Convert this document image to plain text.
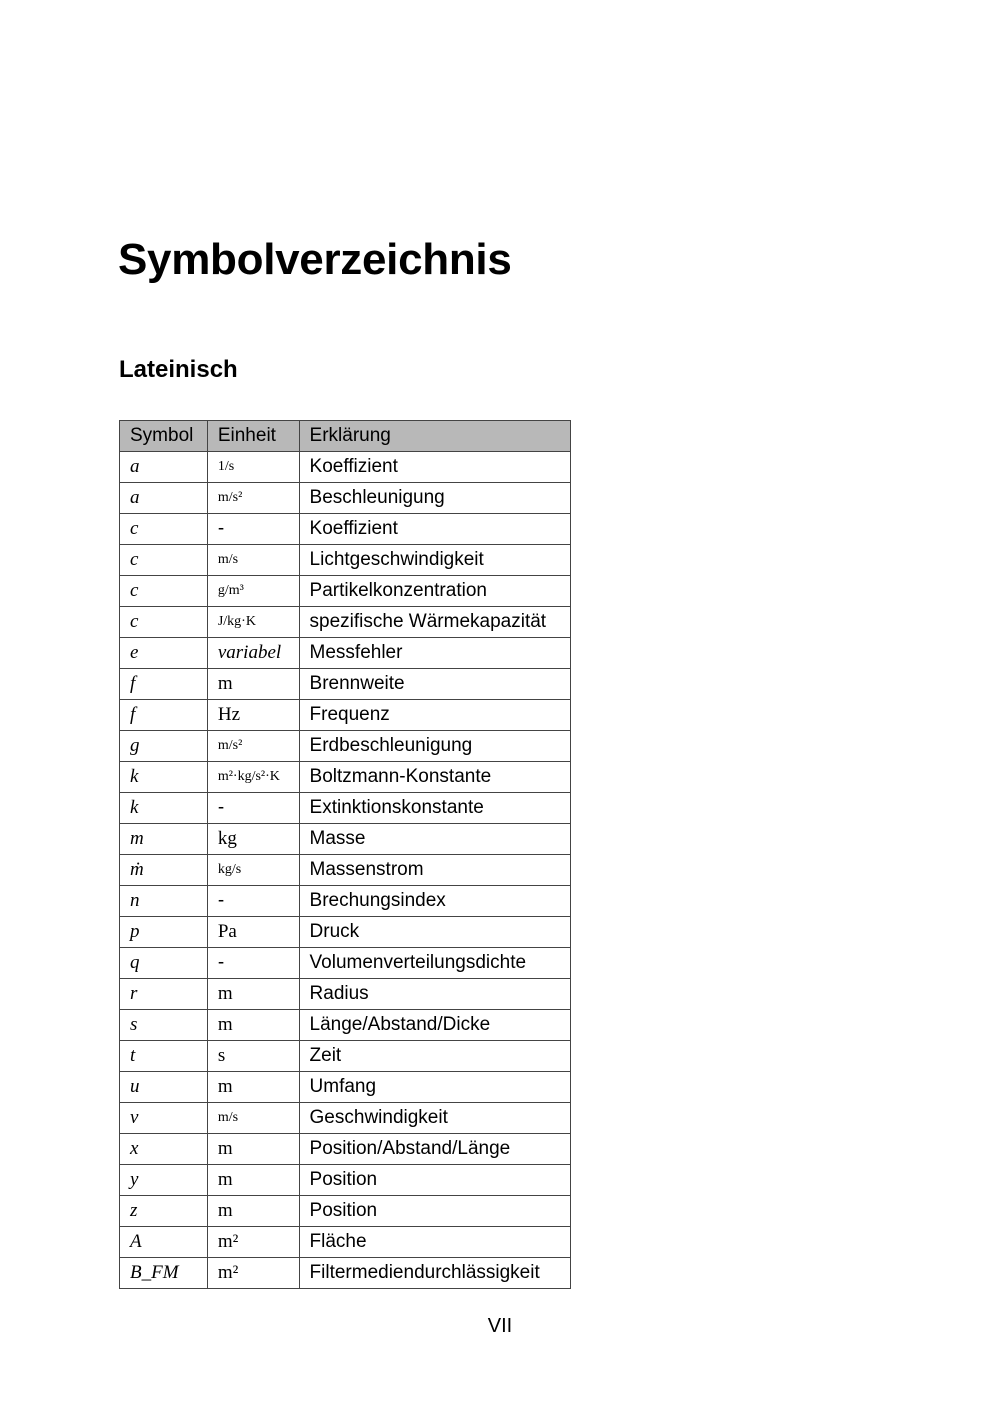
Symbolverzeichnis
Lateinisch
Symbol	Einheit	Erklärung
a	1/s	Koeffizient
a	m/s²	Beschleunigung
c	-	Koeffizient
c	m/s	Lichtgeschwindigkeit
c	g/m³	Partikelkonzentration
c	J/kg·K	spezifische Wärmekapazität
e	variabel	Messfehler
f	m	Brennweite
f	Hz	Frequenz
g	m/s²	Erdbeschleunigung
k	m²·kg/s²·K	Boltzmann-Konstante
k	-	Extinktionskonstante
m	kg	Masse
ṁ	kg/s	Massenstrom
n	-	Brechungsindex
p	Pa	Druck
q	-	Volumenverteilungsdichte
r	m	Radius
s	m	Länge/Abstand/Dicke
t	s	Zeit
u	m	Umfang
v	m/s	Geschwindigkeit
x	m	Position/Abstand/Länge
y	m	Position
z	m	Position
A	m²	Fläche
B_FM	m²	Filtermediendurchlässigkeit
VII
